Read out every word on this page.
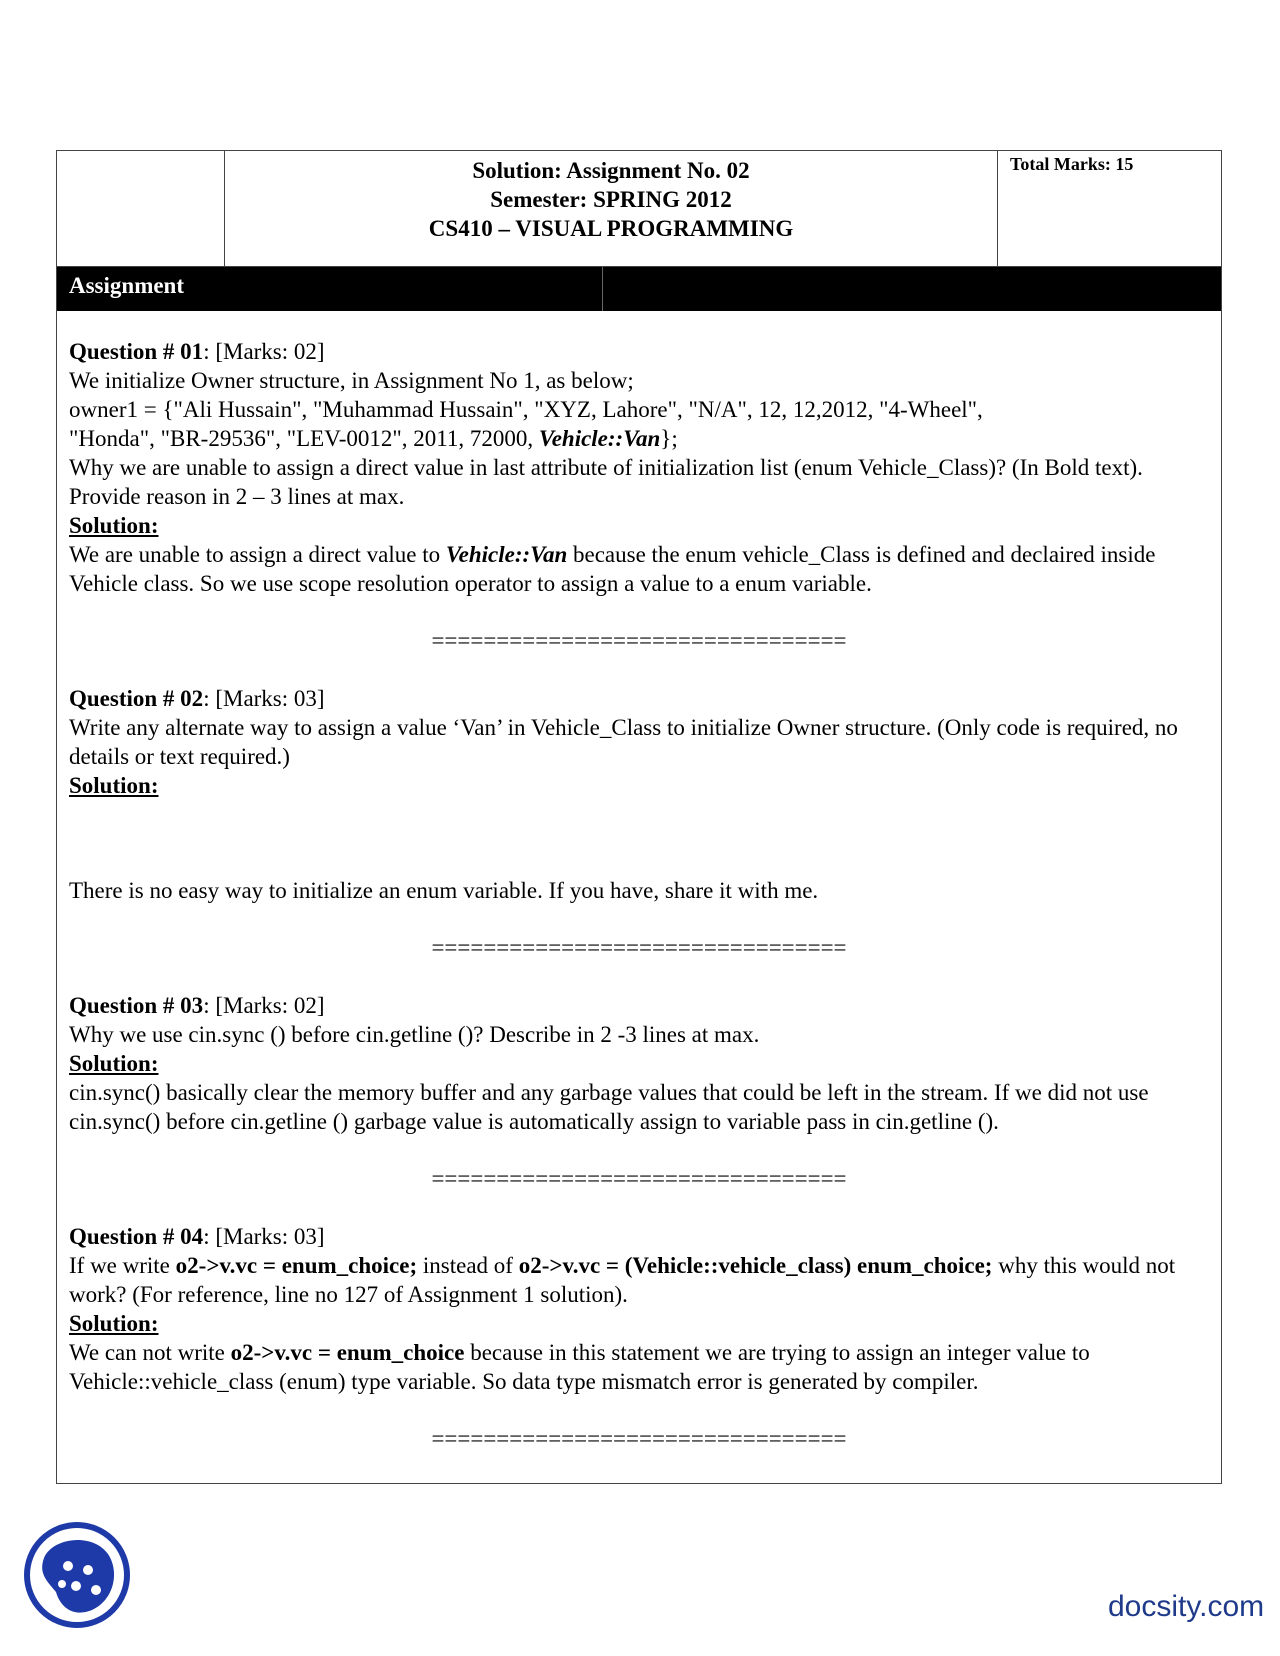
Solution: Assignment No. 02
Semester: SPRING 2012
CS410 – VISUAL PROGRAMMING
Total Marks: 15
Assignment

Question # 01: [Marks: 02]

We initialize Owner structure, in Assignment No 1, as below;

owner1 = {"Ali Hussain", "Muhammad Hussain", "XYZ, Lahore", "N/A", 12, 12,2012, "4-Wheel",

"Honda", "BR-29536", "LEV-0012", 2011, 72000, Vehicle::Van};

Why we are unable to assign a direct value in last attribute of initialization list (enum Vehicle_Class)? (In Bold text). Provide reason in 2 – 3 lines at max.

Solution:

We are unable to assign a direct value to Vehicle::Van because the enum vehicle_Class is defined and declaired inside Vehicle class. So we use scope resolution operator to assign a value to a enum variable.

================================

Question # 02: [Marks: 03]

Write any alternate way to assign a value ‘Van’ in Vehicle_Class to initialize Owner structure. (Only code is required, no details or text required.)

Solution:

There is no easy way to initialize an enum variable. If you have, share it with me.

================================

Question # 03: [Marks: 02]

Why we use cin.sync () before cin.getline ()? Describe in 2 -3 lines at max.

Solution:

cin.sync() basically clear the memory buffer and any garbage values that could be left in the stream. If we did not use cin.sync() before cin.getline () garbage value is automatically assign to variable pass in cin.getline ().

================================

Question # 04: [Marks: 03]

If we write o2->v.vc = enum_choice; instead of o2->v.vc = (Vehicle::vehicle_class) enum_choice; why this would not work? (For reference, line no 127 of Assignment 1 solution).

Solution:

We can not write o2->v.vc = enum_choice because in this statement we are trying to assign an integer value to Vehicle::vehicle_class (enum) type variable. So data type mismatch error is generated by compiler.

================================

docsity.com
